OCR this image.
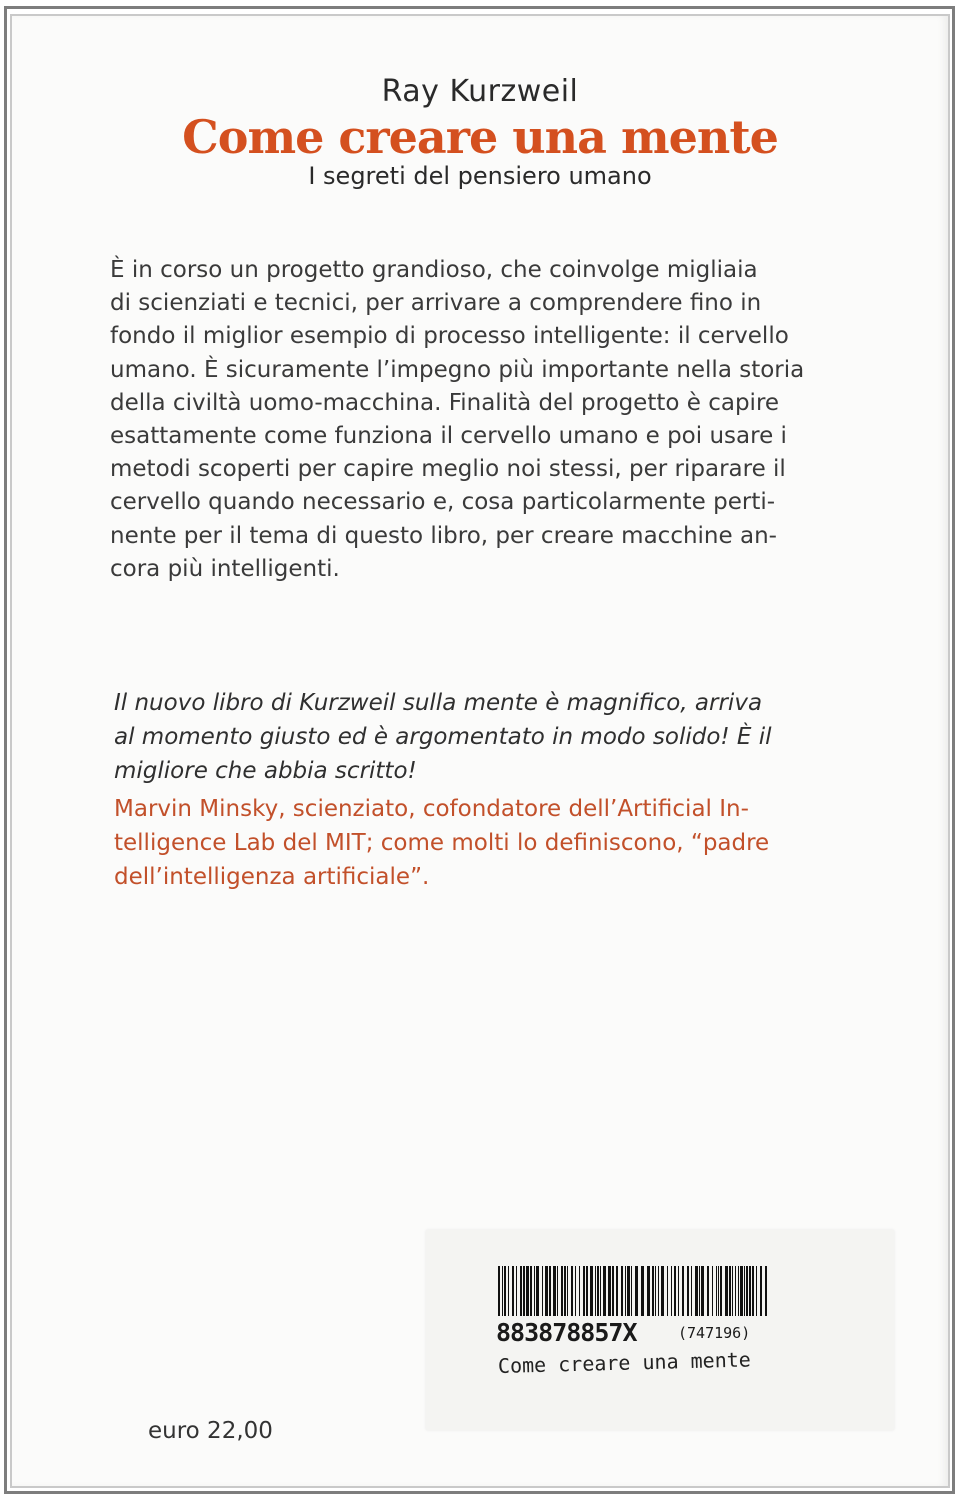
Ray Kurzweil
Come creare una mente
I segreti del pensiero umano
È in corso un progetto grandioso, che coinvolge migliaia
di scienziati e tecnici, per arrivare a comprendere fino in
fondo il miglior esempio di processo intelligente: il cervello
umano. È sicuramente l’impegno più importante nella storia
della civiltà uomo-macchina. Finalità del progetto è capire
esattamente come funziona il cervello umano e poi usare i
metodi scoperti per capire meglio noi stessi, per riparare il
cervello quando necessario e, cosa particolarmente perti-
nente per il tema di questo libro, per creare macchine an-
cora più intelligenti.
Il nuovo libro di Kurzweil sulla mente è magnifico, arriva
al momento giusto ed è argomentato in modo solido! È il
migliore che abbia scritto!
Marvin Minsky, scienziato, cofondatore dell’Artificial In-
telligence Lab del MIT; come molti lo definiscono, “padre
dell’intelligenza artificiale”.
883878857X	(747196)
Come creare una mente
euro 22,00
